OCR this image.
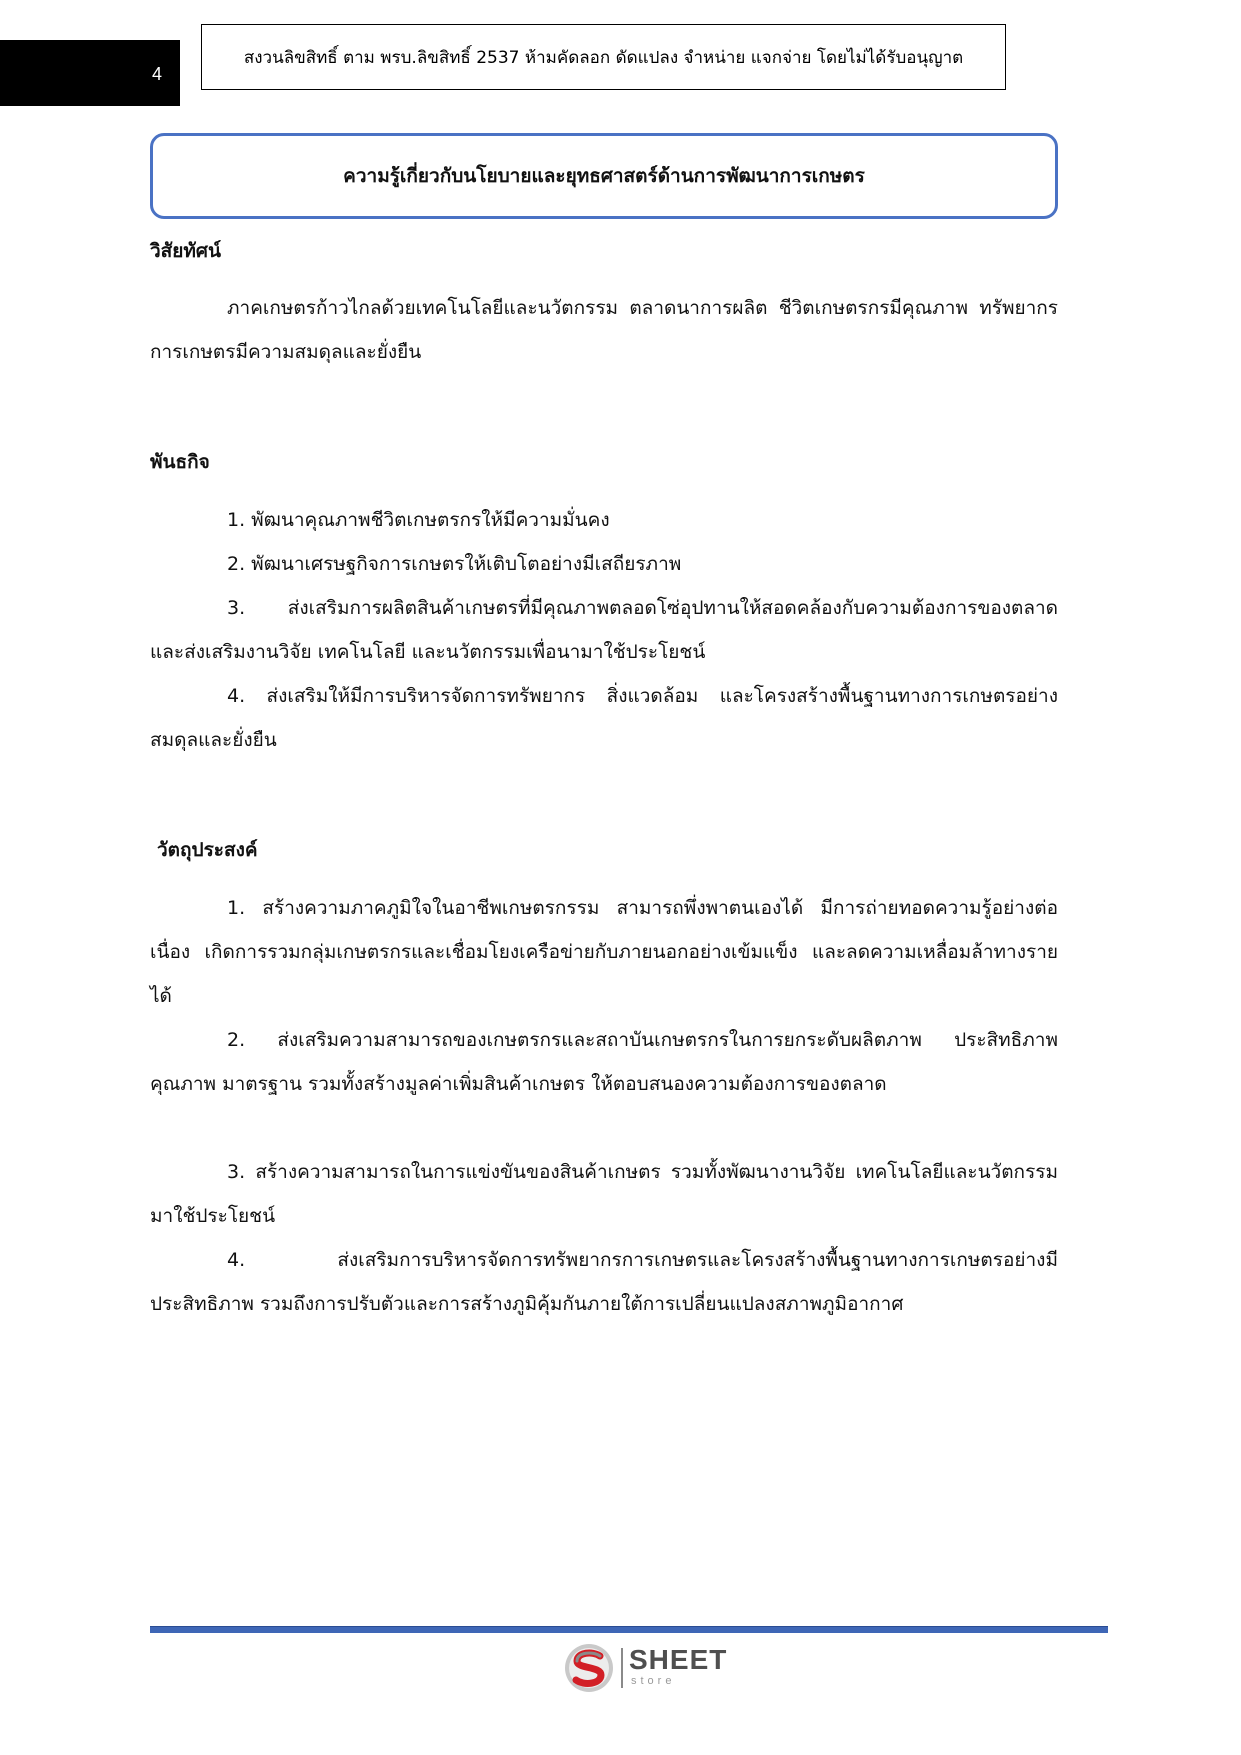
4
สงวนลิขสิทธิ์ ตาม พรบ.ลิขสิทธิ์ 2537 ห้ามคัดลอก ดัดแปลง จำหน่าย แจกจ่าย โดยไม่ได้รับอนุญาต
ความรู้เกี่ยวกับนโยบายและยุทธศาสตร์ด้านการพัฒนาการเกษตร
วิสัยทัศน์

ภาคเกษตรก้าวไกลด้วยเทคโนโลยีและนวัตกรรม ตลาดนาการผลิต ชีวิตเกษตรกรมีคุณภาพ ทรัพยากรการเกษตรมีความสมดุลและยั่งยืน

พันธกิจ

1. พัฒนาคุณภาพชีวิตเกษตรกรให้มีความมั่นคง

2. พัฒนาเศรษฐกิจการเกษตรให้เติบโตอย่างมีเสถียรภาพ

3. ส่งเสริมการผลิตสินค้าเกษตรที่มีคุณภาพตลอดโซ่อุปทานให้สอดคล้องกับความต้องการของตลาด และส่งเสริมงานวิจัย เทคโนโลยี และนวัตกรรมเพื่อนามาใช้ประโยชน์

4. ส่งเสริมให้มีการบริหารจัดการทรัพยากร สิ่งแวดล้อม และโครงสร้างพื้นฐานทางการเกษตรอย่างสมดุลและยั่งยืน

วัตถุประสงค์

1. สร้างความภาคภูมิใจในอาชีพเกษตรกรรม สามารถพึ่งพาตนเองได้ มีการถ่ายทอดความรู้อย่างต่อเนื่อง เกิดการรวมกลุ่มเกษตรกรและเชื่อมโยงเครือข่ายกับภายนอกอย่างเข้มแข็ง และลดความเหลื่อมล้าทางรายได้

2. ส่งเสริมความสามารถของเกษตรกรและสถาบันเกษตรกรในการยกระดับผลิตภาพ ประสิทธิภาพ คุณภาพ มาตรฐาน รวมทั้งสร้างมูลค่าเพิ่มสินค้าเกษตร ให้ตอบสนองความต้องการของตลาด

3. สร้างความสามารถในการแข่งขันของสินค้าเกษตร รวมทั้งพัฒนางานวิจัย เทคโนโลยีและนวัตกรรม มาใช้ประโยชน์

4. ส่งเสริมการบริหารจัดการทรัพยากรการเกษตรและโครงสร้างพื้นฐานทางการเกษตรอย่างมีประสิทธิภาพ รวมถึงการปรับตัวและการสร้างภูมิคุ้มกันภายใต้การเปลี่ยนแปลงสภาพภูมิอากาศ

SHEET
store
